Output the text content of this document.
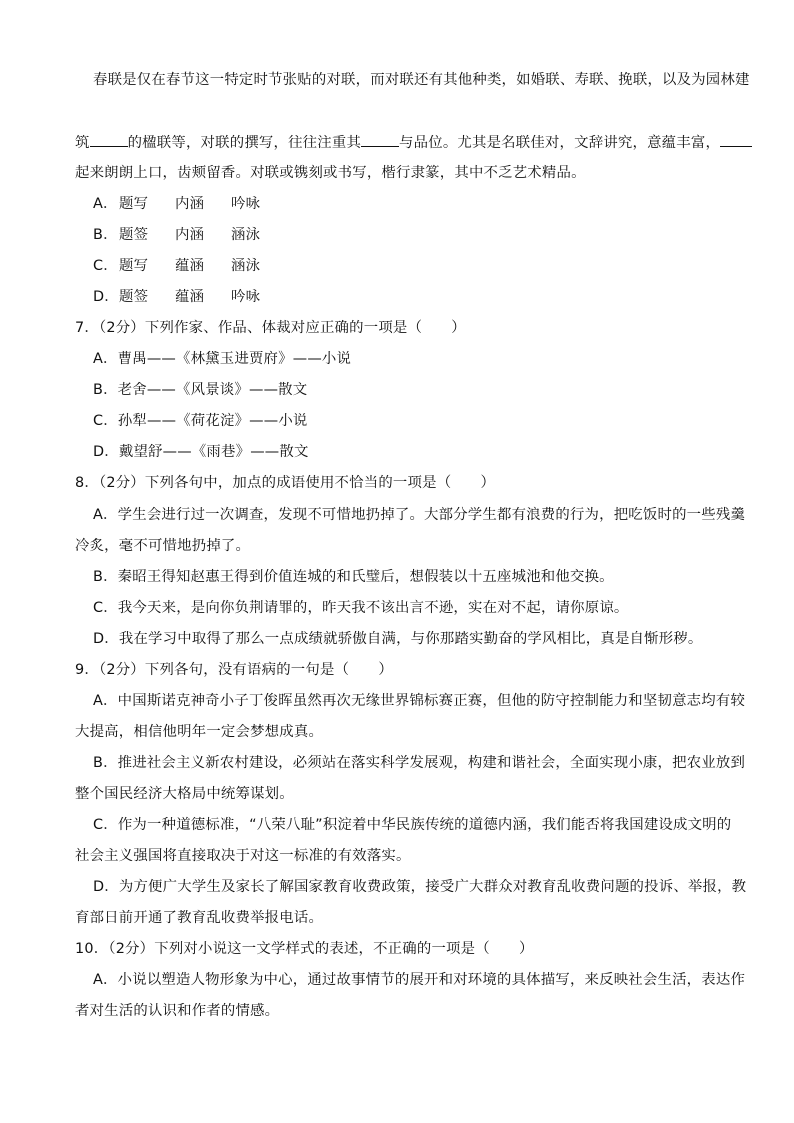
春联是仅在春节这一特定时节张贴的对联，而对联还有其他种类，如婚联、寿联、挽联，以及为园林建
筑	的楹联等，对联的撰写，往往注重其	与品位。尤其是名联佳对，文辞讲究，意蕴丰富，
起来朗朗上口，齿颊留香。对联或镌刻或书写，楷行隶篆，其中不乏艺术精品。
A．题写 内涵 吟咏
B．题签 内涵 涵泳
C．题写 蕴涵 涵泳
D．题签 蕴涵 吟咏
7．（2分）下列作家、作品、体裁对应正确的一项是（　　）
A．曹禺——《林黛玉进贾府》——小说
B．老舍——《风景谈》——散文
C．孙犁——《荷花淀》——小说
D．戴望舒——《雨巷》——散文
8．（2分）下列各句中，加点的成语使用不恰当的一项是（　　）
A．学生会进行过一次调查，发现不可惜地扔掉了。大部分学生都有浪费的行为，把吃饭时的一些残羹
冷炙，毫不可惜地扔掉了。
B．秦昭王得知赵惠王得到价值连城的和氏璧后，想假装以十五座城池和他交换。
C．我今天来，是向你负荆请罪的，昨天我不该出言不逊，实在对不起，请你原谅。
D．我在学习中取得了那么一点成绩就骄傲自满，与你那踏实勤奋的学风相比，真是自惭形秽。
9．（2分）下列各句，没有语病的一句是（　　）
A．中国斯诺克神奇小子丁俊晖虽然再次无缘世界锦标赛正赛，但他的防守控制能力和坚韧意志均有较
大提高，相信他明年一定会梦想成真。
B．推进社会主义新农村建设，必须站在落实科学发展观，构建和谐社会，全面实现小康，把农业放到
整个国民经济大格局中统筹谋划。
C．作为一种道德标准，“八荣八耻”积淀着中华民族传统的道德内涵，我们能否将我国建设成文明的
社会主义强国将直接取决于对这一标准的有效落实。
D．为方便广大学生及家长了解国家教育收费政策，接受广大群众对教育乱收费问题的投诉、举报，教
育部日前开通了教育乱收费举报电话。
10．（2分）下列对小说这一文学样式的表述，不正确的一项是（　　）
A．小说以塑造人物形象为中心，通过故事情节的展开和对环境的具体描写，来反映社会生活，表达作
者对生活的认识和作者的情感。
